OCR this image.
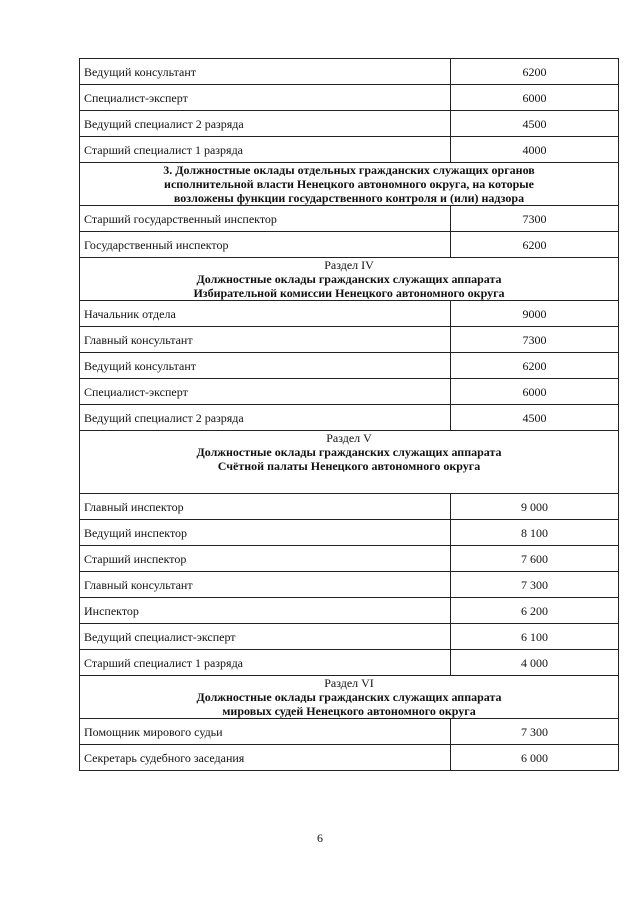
Ведущий консультант	6200
Специалист-эксперт	6000
Ведущий специалист 2 разряда	4500
Старший специалист 1 разряда	4000

3. Должностные оклады отдельных гражданских служащих органов
исполнительной власти Ненецкого автономного округа, на которые
возложены функции государственного контроля и (или) надзора	

Старший государственный инспектор	7300
Государственный инспектор	6200

Раздел IV
Должностные оклады гражданских служащих аппарата
Избирательной комиссии Ненецкого автономного округа	

Начальник отдела	9000
Главный консультант	7300
Ведущий консультант	6200
Специалист-эксперт	6000
Ведущий специалист 2 разряда	4500

Раздел V
Должностные оклады гражданских служащих аппарата
Счётной палаты Ненецкого автономного округа	

Главный инспектор	9 000
Ведущий инспектор	8 100
Старший инспектор	7 600
Главный консультант	7 300
Инспектор	6 200
Ведущий специалист-эксперт	6 100
Старший специалист 1 разряда	4 000

Раздел VI
Должностные оклады гражданских служащих аппарата
мировых судей Ненецкого автономного округа	

Помощник мирового судьи	7 300
Секретарь судебного заседания	6 000
6
